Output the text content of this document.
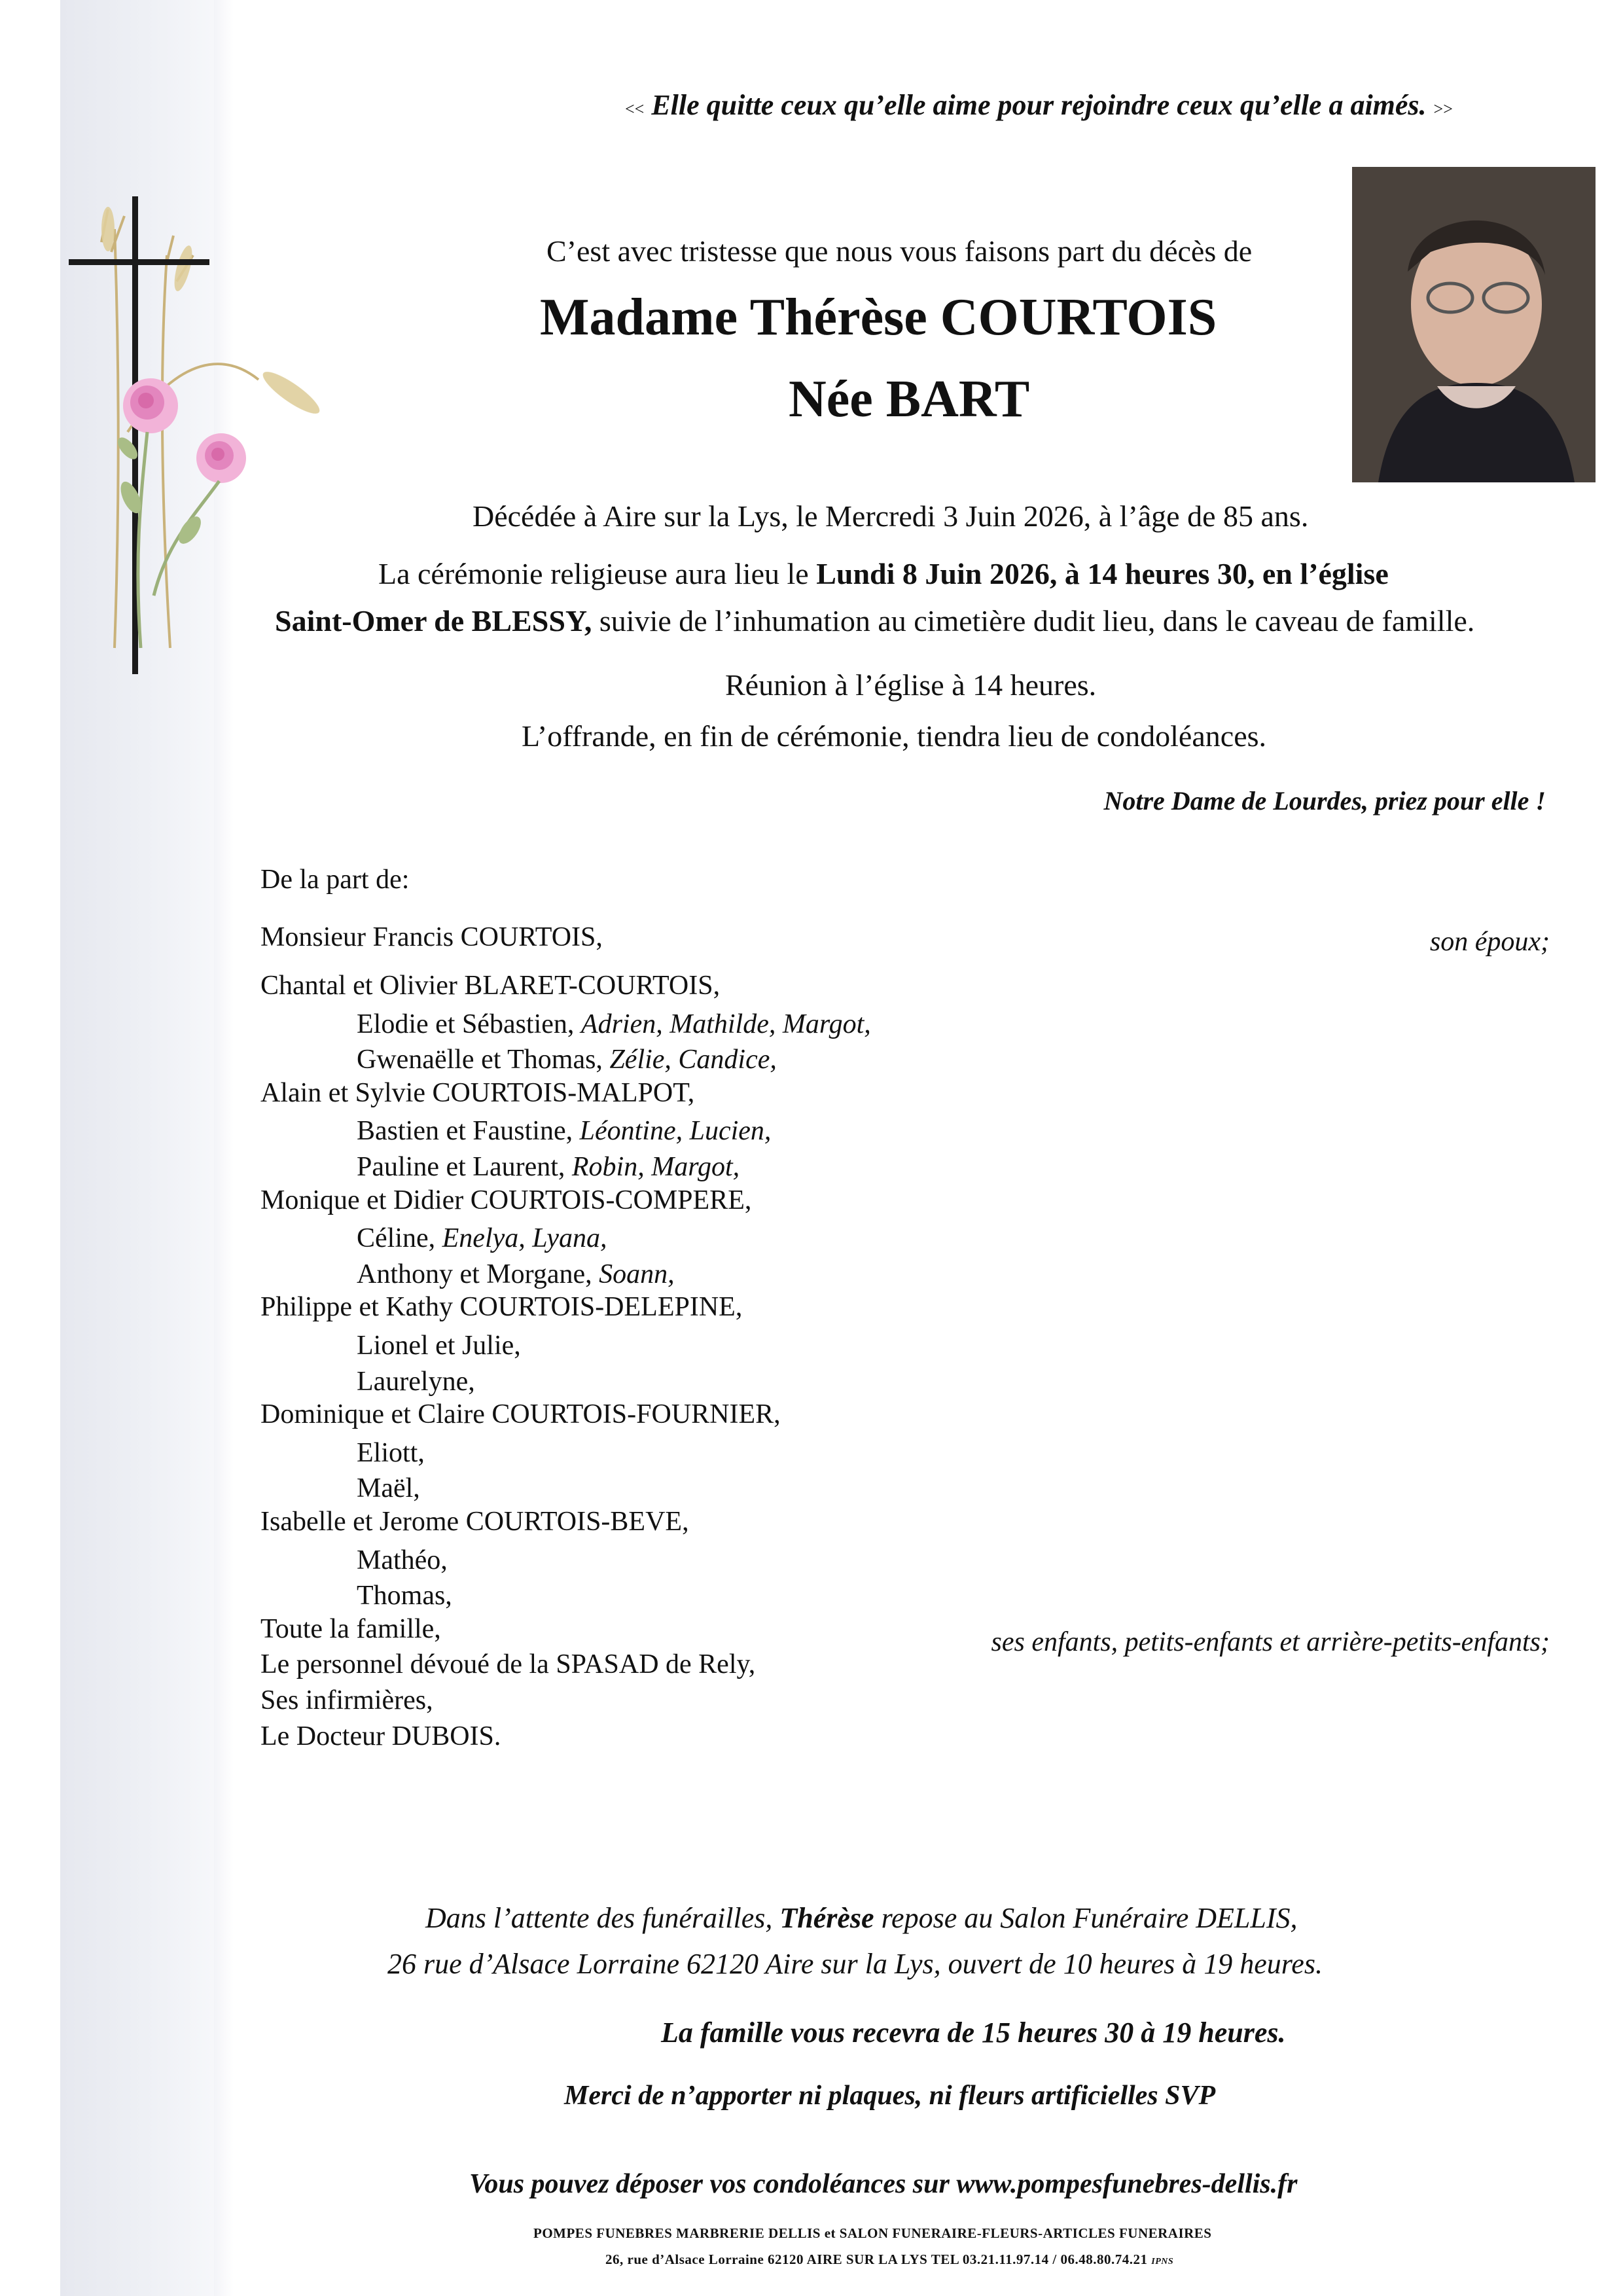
<< Elle quitte ceux qu’elle aime pour rejoindre ceux qu’elle a aimés. >>
C’est avec tristesse que nous vous faisons part du décès de
Madame Thérèse COURTOIS
Née BART
Décédée à Aire sur la Lys, le Mercredi 3 Juin 2026, à l’âge de 85 ans.
La cérémonie religieuse aura lieu le Lundi 8 Juin 2026, à 14 heures 30, en l’église
Saint-Omer de BLESSY, suivie de l’inhumation au cimetière dudit lieu, dans le caveau de famille.
Réunion à l’église à 14 heures.
L’offrande, en fin de cérémonie, tiendra lieu de condoléances.
Notre Dame de Lourdes, priez pour elle !
De la part de:
Monsieur Francis COURTOIS,	son époux;
Chantal et Olivier BLARET-COURTOIS,
Elodie et Sébastien, Adrien, Mathilde, Margot,
Gwenaëlle et Thomas, Zélie, Candice,
Alain et Sylvie COURTOIS-MALPOT,
Bastien et Faustine, Léontine, Lucien,
Pauline et Laurent, Robin, Margot,
Monique et Didier COURTOIS-COMPERE,
Céline, Enelya, Lyana,
Anthony et Morgane, Soann,
Philippe et Kathy COURTOIS-DELEPINE,
Lionel et Julie,
Laurelyne,
Dominique et Claire COURTOIS-FOURNIER,
Eliott,
Maël,
Isabelle et Jerome COURTOIS-BEVE,
Mathéo,
Thomas,
Toute la famille,
Le personnel dévoué de la SPASAD de Rely,
Ses infirmières,
Le Docteur DUBOIS.
ses enfants, petits-enfants et arrière-petits-enfants;
Dans l’attente des funérailles, Thérèse repose au Salon Funéraire DELLIS,
26 rue d’Alsace Lorraine 62120 Aire sur la Lys, ouvert de 10 heures à 19 heures.
La famille vous recevra de 15 heures 30 à 19 heures.
Merci de n’apporter ni plaques, ni fleurs artificielles SVP
Vous pouvez déposer vos condoléances sur www.pompesfunebres-dellis.fr
POMPES FUNEBRES MARBRERIE DELLIS et SALON FUNERAIRE-FLEURS-ARTICLES FUNERAIRES
26, rue d’Alsace Lorraine 62120 AIRE SUR LA LYS TEL 03.21.11.97.14 / 06.48.80.74.21 IPNS
